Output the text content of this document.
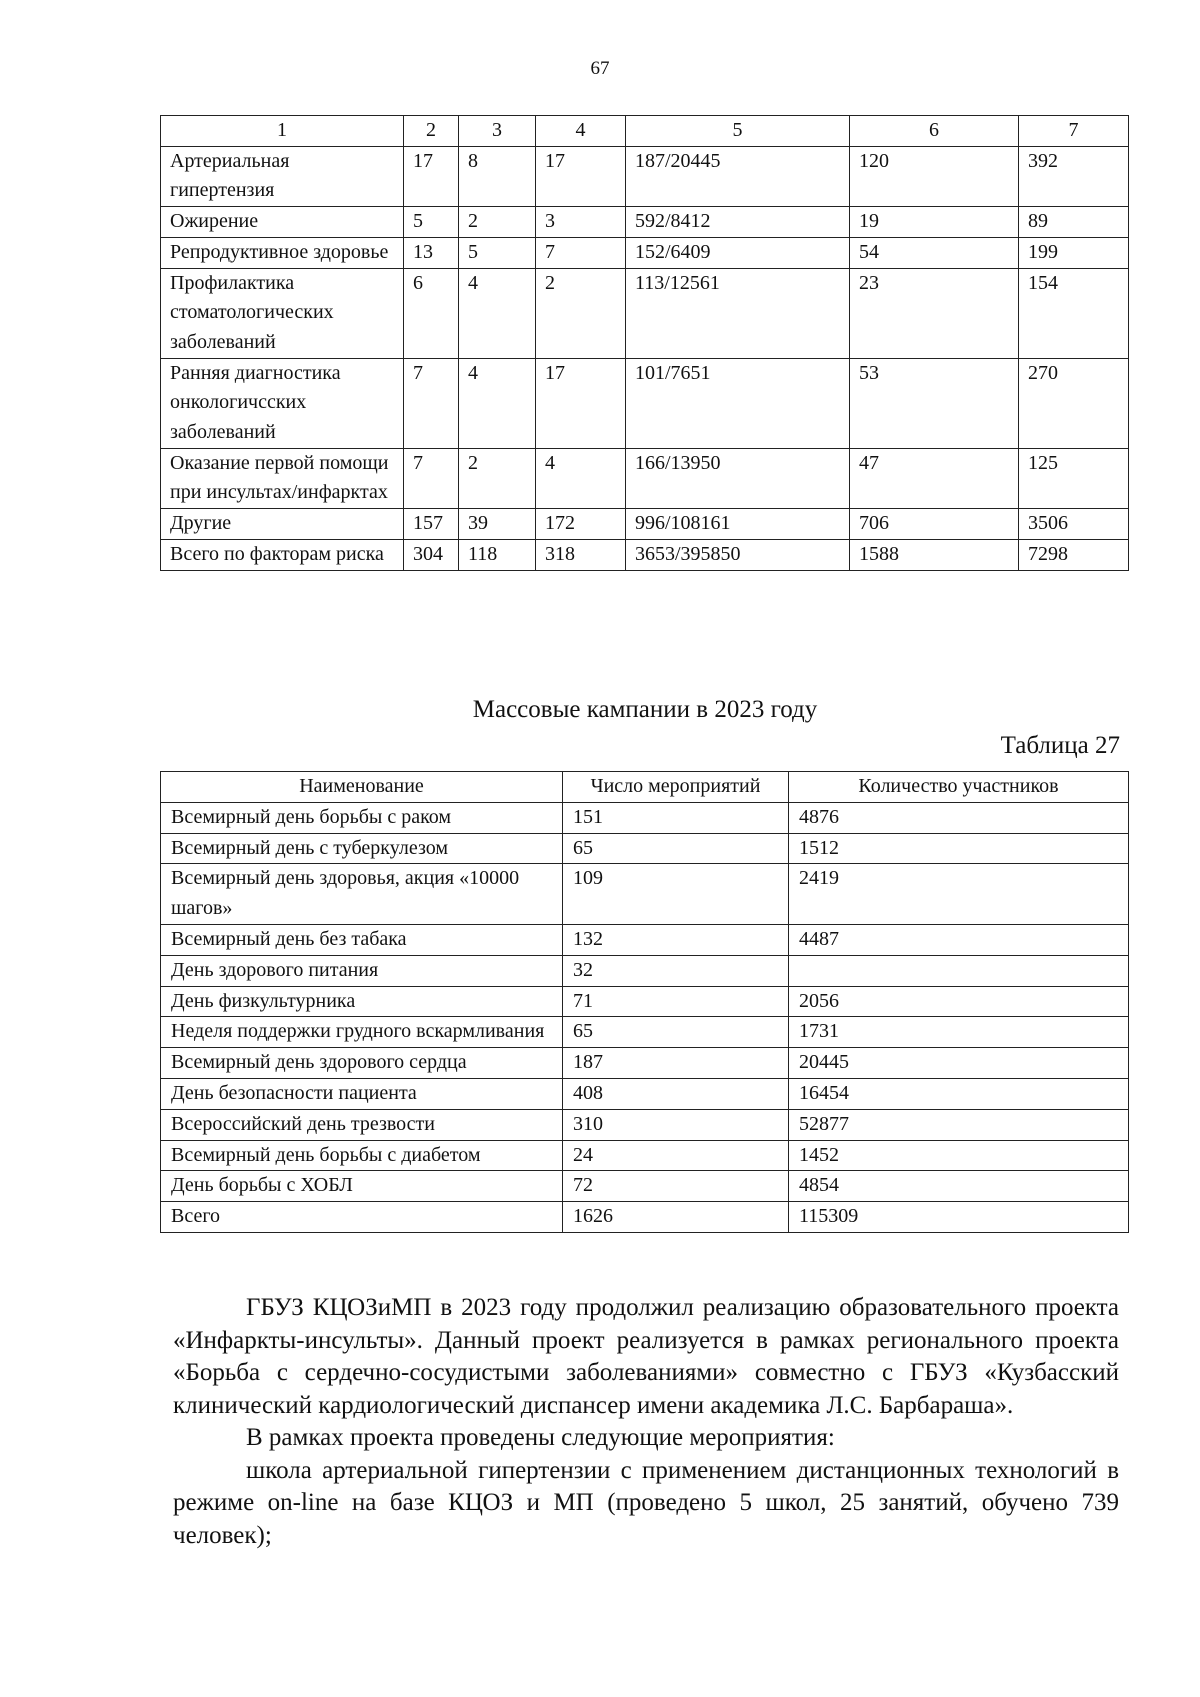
67
1	2	3	4	5	6	7
Артериальная гипертензия	17	8	17	187/20445	120	392
Ожирение	5	2	3	592/8412	19	89
Репродуктивное здоровье	13	5	7	152/6409	54	199
Профилактика стоматологических заболеваний	6	4	2	113/12561	23	154
Ранняя диагностика онкологичсских заболеваний	7	4	17	101/7651	53	270
Оказание первой помощи при инсультах/инфарктах	7	2	4	166/13950	47	125
Другие	157	39	172	996/108161	706	3506
Всего по факторам риска	304	118	318	3653/395850	1588	7298
Массовые кампании в 2023 году
Таблица 27
Наименование	Число мероприятий	Количество участников
Всемирный день борьбы с раком	151	4876
Всемирный день с туберкулезом	65	1512
Всемирный день здоровья, акция «10000 шагов»	109	2419
Всемирный день без табака	132	4487
День здорового питания	32	
День физкультурника	71	2056
Неделя поддержки грудного вскармливания	65	1731
Всемирный день здорового сердца	187	20445
День безопасности пациента	408	16454
Всероссийский день трезвости	310	52877
Всемирный день борьбы с диабетом	24	1452
День борьбы с ХОБЛ	72	4854
Всего	1626	115309

ГБУЗ КЦОЗиМП в 2023 году продолжил реализацию образовательного проекта «Инфаркты-инсульты». Данный проект реализуется в рамках регионального проекта «Борьба с сердечно-сосудистыми заболеваниями» совместно с ГБУЗ «Кузбасский клинический кардиологический диспансер имени академика Л.С. Барбараша».

В рамках проекта проведены следующие мероприятия:

школа артериальной гипертензии с применением дистанционных технологий в режиме on-line на базе КЦОЗ и МП (проведено 5 школ, 25 занятий, обучено 739 человек);
